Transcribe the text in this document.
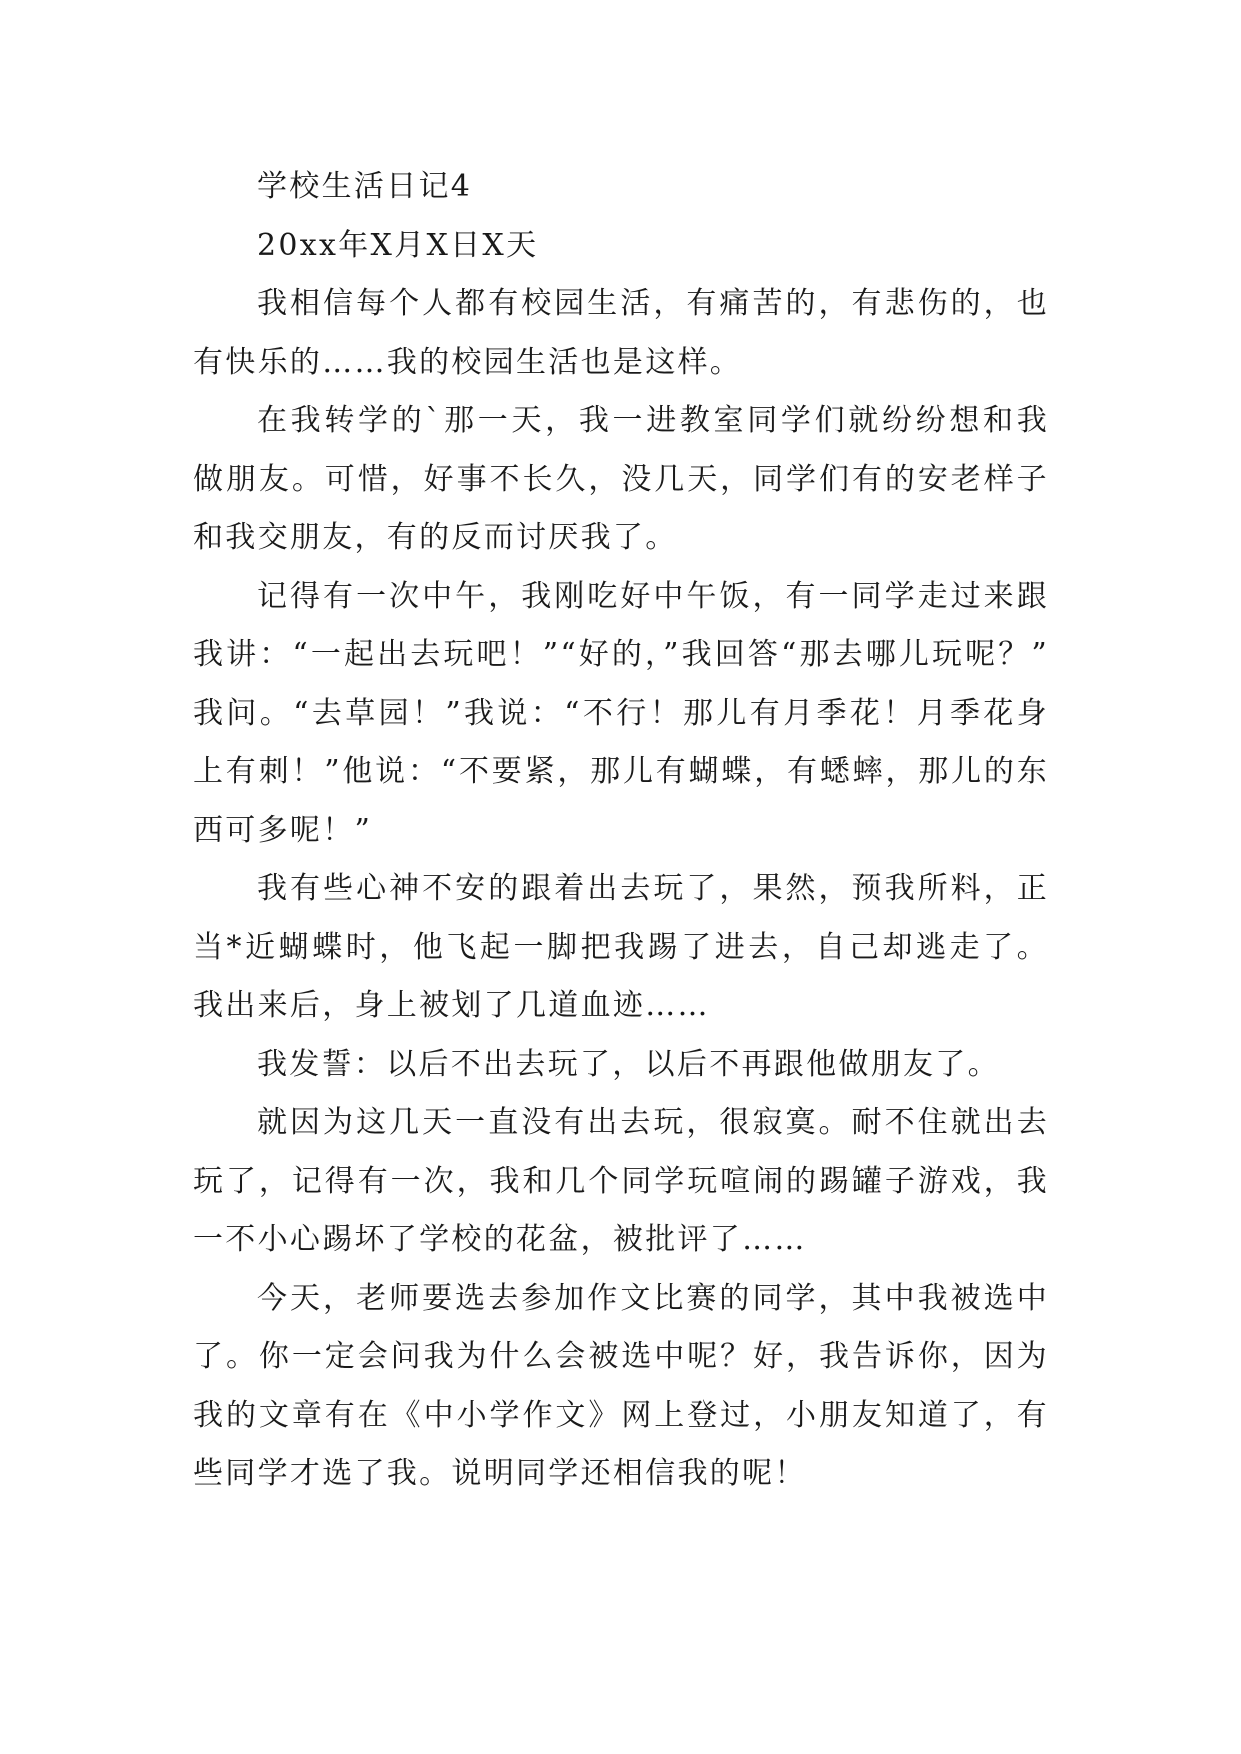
学校生活日记4

20xx年X月X日X天

我相信每个人都有校园生活，有痛苦的，有悲伤的，也有快乐的……我的校园生活也是这样。

在我转学的`那一天，我一进教室同学们就纷纷想和我做朋友。可惜，好事不长久，没几天，同学们有的安老样子和我交朋友，有的反而讨厌我了。

记得有一次中午，我刚吃好中午饭，有一同学走过来跟我讲：“一起出去玩吧！”“好的，”我回答“那去哪儿玩呢？”我问。“去草园！”我说：“不行！那儿有月季花！月季花身上有刺！”他说：“不要紧，那儿有蝴蝶，有蟋蟀，那儿的东西可多呢！”

我有些心神不安的跟着出去玩了，果然，预我所料，正当*近蝴蝶时，他飞起一脚把我踢了进去，自己却逃走了。我出来后，身上被划了几道血迹……

我发誓：以后不出去玩了，以后不再跟他做朋友了。

就因为这几天一直没有出去玩，很寂寞。耐不住就出去玩了，记得有一次，我和几个同学玩喧闹的踢罐子游戏，我一不小心踢坏了学校的花盆，被批评了……

今天，老师要选去参加作文比赛的同学，其中我被选中了。你一定会问我为什么会被选中呢？好，我告诉你，因为我的文章有在《中小学作文》网上登过，小朋友知道了，有些同学才选了我。说明同学还相信我的呢！
